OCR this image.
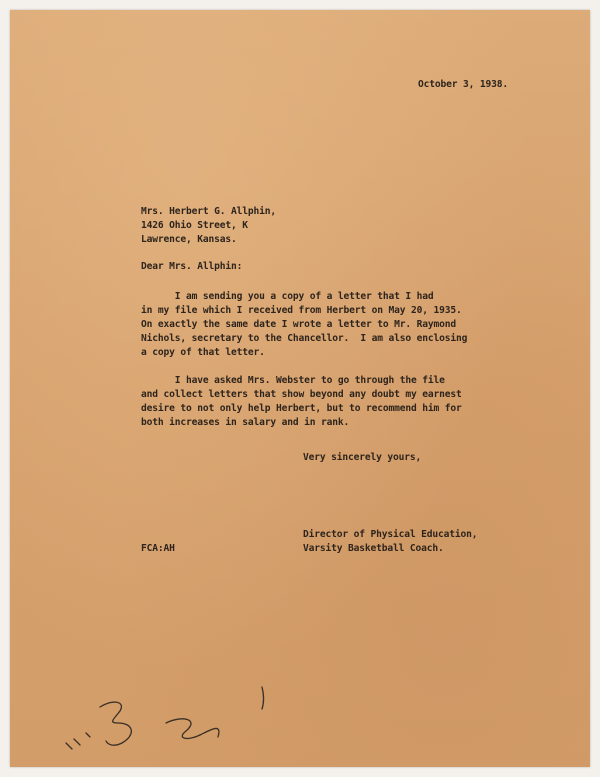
October 3, 1938.
Mrs. Herbert G. Allphin,
1426 Ohio Street, K
Lawrence, Kansas.
Dear Mrs. Allphin:
I am sending you a copy of a letter that I had
in my file which I received from Herbert on May 20, 1935.
On exactly the same date I wrote a letter to Mr. Raymond
Nichols, secretary to the Chancellor.  I am also enclosing
a copy of that letter.
I have asked Mrs. Webster to go through the file
and collect letters that show beyond any doubt my earnest
desire to not only help Herbert, but to recommend him for
both increases in salary and in rank.
Very sincerely yours,
Director of Physical Education,
Varsity Basketball Coach.
FCA:AH
